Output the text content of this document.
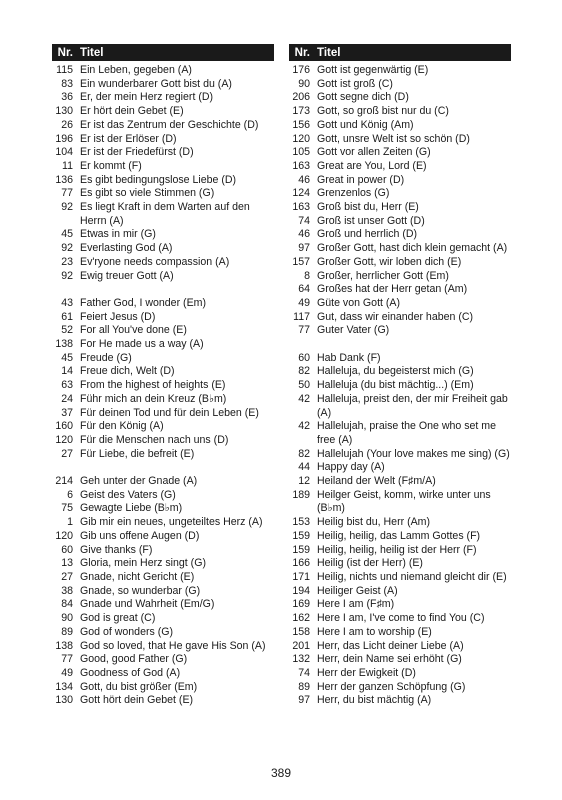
Nr. Titel
115 Ein Leben, gegeben (A)
83 Ein wunderbarer Gott bist du (A)
36 Er, der mein Herz regiert (D)
130 Er hört dein Gebet (E)
26 Er ist das Zentrum der Geschichte (D)
196 Er ist der Erlöser (D)
104 Er ist der Friedefürst (D)
11 Er kommt (F)
136 Es gibt bedingungslose Liebe (D)
77 Es gibt so viele Stimmen (G)
92 Es liegt Kraft in dem Warten auf den Herrn (A)
45 Etwas in mir (G)
92 Everlasting God (A)
23 Ev'ryone needs compassion (A)
92 Ewig treuer Gott (A)
43 Father God, I wonder (Em)
61 Feiert Jesus (D)
52 For all You've done (E)
138 For He made us a way (A)
45 Freude (G)
14 Freue dich, Welt (D)
63 From the highest of heights (E)
24 Führ mich an dein Kreuz (B♭m)
37 Für deinen Tod und für dein Leben (E)
160 Für den König (A)
120 Für die Menschen nach uns (D)
27 Für Liebe, die befreit (E)
214 Geh unter der Gnade (A)
6 Geist des Vaters (G)
75 Gewagte Liebe (B♭m)
1 Gib mir ein neues, ungeteiltes Herz (A)
120 Gib uns offene Augen (D)
60 Give thanks (F)
13 Gloria, mein Herz singt (G)
27 Gnade, nicht Gericht (E)
38 Gnade, so wunderbar (G)
84 Gnade und Wahrheit (Em/G)
90 God is great (C)
89 God of wonders (G)
138 God so loved, that He gave His Son (A)
77 Good, good Father (G)
49 Goodness of God (A)
134 Gott, du bist größer (Em)
130 Gott hört dein Gebet (E)
Nr. Titel
176 Gott ist gegenwärtig (E)
90 Gott ist groß (C)
206 Gott segne dich (D)
173 Gott, so groß bist nur du (C)
156 Gott und König (Am)
120 Gott, unsre Welt ist so schön (D)
105 Gott vor allen Zeiten (G)
163 Great are You, Lord (E)
46 Great in power (D)
124 Grenzenlos (G)
163 Groß bist du, Herr (E)
74 Groß ist unser Gott (D)
46 Groß und herrlich (D)
97 Großer Gott, hast dich klein gemacht (A)
157 Großer Gott, wir loben dich (E)
8 Großer, herrlicher Gott (Em)
64 Großes hat der Herr getan (Am)
49 Güte von Gott (A)
117 Gut, dass wir einander haben (C)
77 Guter Vater (G)
60 Hab Dank (F)
82 Halleluja, du begeisterst mich (G)
50 Halleluja (du bist mächtig...) (Em)
42 Halleluja, preist den, der mir Freiheit gab (A)
42 Hallelujah, praise the One who set me free (A)
82 Hallelujah (Your love makes me sing) (G)
44 Happy day (A)
12 Heiland der Welt (F♯m/A)
189 Heilger Geist, komm, wirke unter uns (B♭m)
153 Heilig bist du, Herr (Am)
159 Heilig, heilig, das Lamm Gottes (F)
159 Heilig, heilig, heilig ist der Herr (F)
166 Heilig (ist der Herr) (E)
171 Heilig, nichts und niemand gleicht dir (E)
194 Heiliger Geist (A)
169 Here I am (F♯m)
162 Here I am, I've come to find You (C)
158 Here I am to worship (E)
201 Herr, das Licht deiner Liebe (A)
132 Herr, dein Name sei erhöht (G)
74 Herr der Ewigkeit (D)
89 Herr der ganzen Schöpfung (G)
97 Herr, du bist mächtig (A)
389
